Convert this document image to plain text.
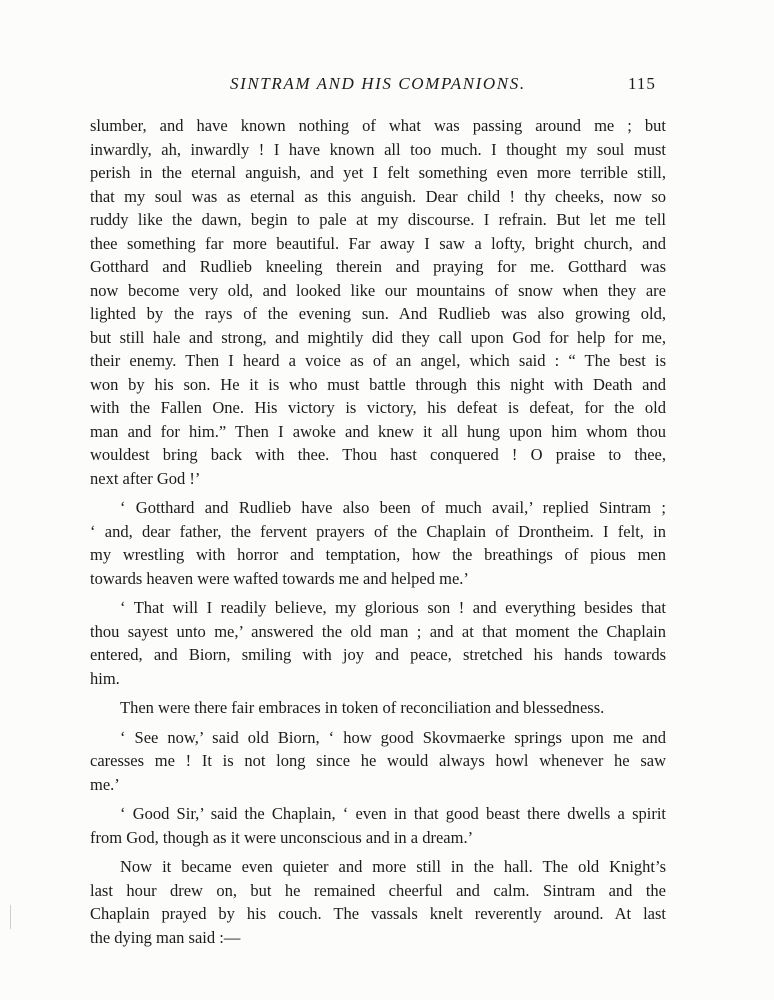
SINTRAM AND HIS COMPANIONS.	115
slumber, and have known nothing of what was passing around me ; but
inwardly, ah, inwardly ! I have known all too much. I thought my soul must
perish in the eternal anguish, and yet I felt something even more terrible still,
that my soul was as eternal as this anguish. Dear child ! thy cheeks, now so
ruddy like the dawn, begin to pale at my discourse. I refrain. But let me tell
thee something far more beautiful. Far away I saw a lofty, bright church, and
Gotthard and Rudlieb kneeling therein and praying for me. Gotthard was
now become very old, and looked like our mountains of snow when they are
lighted by the rays of the evening sun. And Rudlieb was also growing old,
but still hale and strong, and mightily did they call upon God for help for me,
their enemy. Then I heard a voice as of an angel, which said : “ The best is
won by his son. He it is who must battle through this night with Death and
with the Fallen One. His victory is victory, his defeat is defeat, for the old
man and for him.” Then I awoke and knew it all hung upon him whom thou
wouldest bring back with thee. Thou hast conquered ! O praise to thee,
next after God !’
‘ Gotthard and Rudlieb have also been of much avail,’ replied Sintram ;
‘ and, dear father, the fervent prayers of the Chaplain of Drontheim. I felt, in
my wrestling with horror and temptation, how the breathings of pious men
towards heaven were wafted towards me and helped me.’
‘ That will I readily believe, my glorious son ! and everything besides that
thou sayest unto me,’ answered the old man ; and at that moment the Chaplain
entered, and Biorn, smiling with joy and peace, stretched his hands towards
him.
Then were there fair embraces in token of reconciliation and blessedness.
‘ See now,’ said old Biorn, ‘ how good Skovmaerke springs upon me and
caresses me ! It is not long since he would always howl whenever he saw
me.’
‘ Good Sir,’ said the Chaplain, ‘ even in that good beast there dwells a spirit
from God, though as it were unconscious and in a dream.’
Now it became even quieter and more still in the hall. The old Knight’s
last hour drew on, but he remained cheerful and calm. Sintram and the
Chaplain prayed by his couch. The vassals knelt reverently around. At last
the dying man said :—
